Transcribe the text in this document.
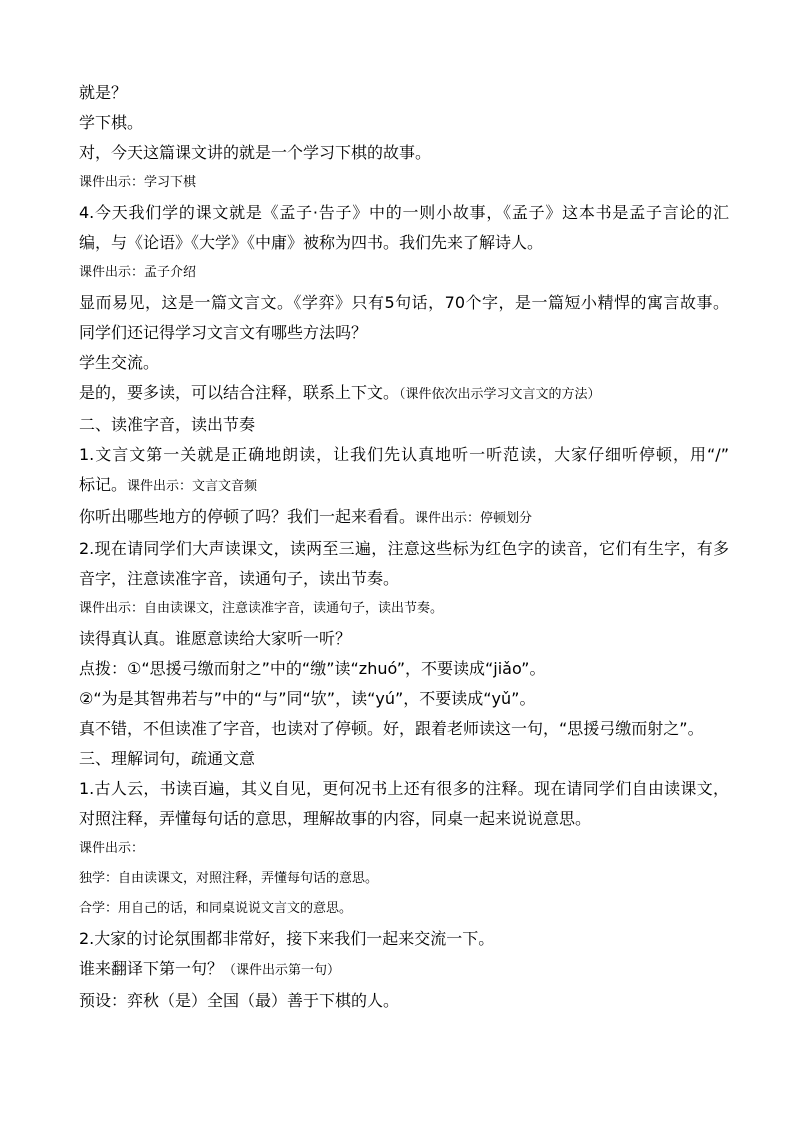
就是？
学下棋。
对，今天这篇课文讲的就是一个学习下棋的故事。
课件出示：学习下棋
4.今天我们学的课文就是《孟子·告子》中的一则小故事，《孟子》这本书是孟子言论的汇
编，与《论语》《大学》《中庸》被称为四书。我们先来了解诗人。
课件出示：孟子介绍
显而易见，这是一篇文言文。《学弈》只有5句话，70个字，是一篇短小精悍的寓言故事。
同学们还记得学习文言文有哪些方法吗？
学生交流。
是的，要多读，可以结合注释，联系上下文。（课件依次出示学习文言文的方法）
二、读准字音，读出节奏
1.文言文第一关就是正确地朗读，让我们先认真地听一听范读，大家仔细听停顿，用“/”
标记。课件出示：文言文音频
你听出哪些地方的停顿了吗？我们一起来看看。课件出示：停顿划分
2.现在请同学们大声读课文，读两至三遍，注意这些标为红色字的读音，它们有生字，有多
音字，注意读准字音，读通句子，读出节奏。
课件出示：自由读课文，注意读准字音，读通句子，读出节奏。
读得真认真。谁愿意读给大家听一听？
点拨：①“思援弓缴而射之”中的“缴”读“zhuó”，不要读成“jiǎo”。
②“为是其智弗若与”中的“与”同“欤”，读“yú”，不要读成“yǔ”。
真不错，不但读准了字音，也读对了停顿。好，跟着老师读这一句，“思援弓缴而射之”。
三、理解词句，疏通文意
1.古人云，书读百遍，其义自见，更何况书上还有很多的注释。现在请同学们自由读课文，
对照注释，弄懂每句话的意思，理解故事的内容，同桌一起来说说意思。
课件出示：
独学：自由读课文，对照注释，弄懂每句话的意思。
合学：用自己的话，和同桌说说文言文的意思。
2.大家的讨论氛围都非常好，接下来我们一起来交流一下。
谁来翻译下第一句？（课件出示第一句）
预设：弈秋（是）全国（最）善于下棋的人。
